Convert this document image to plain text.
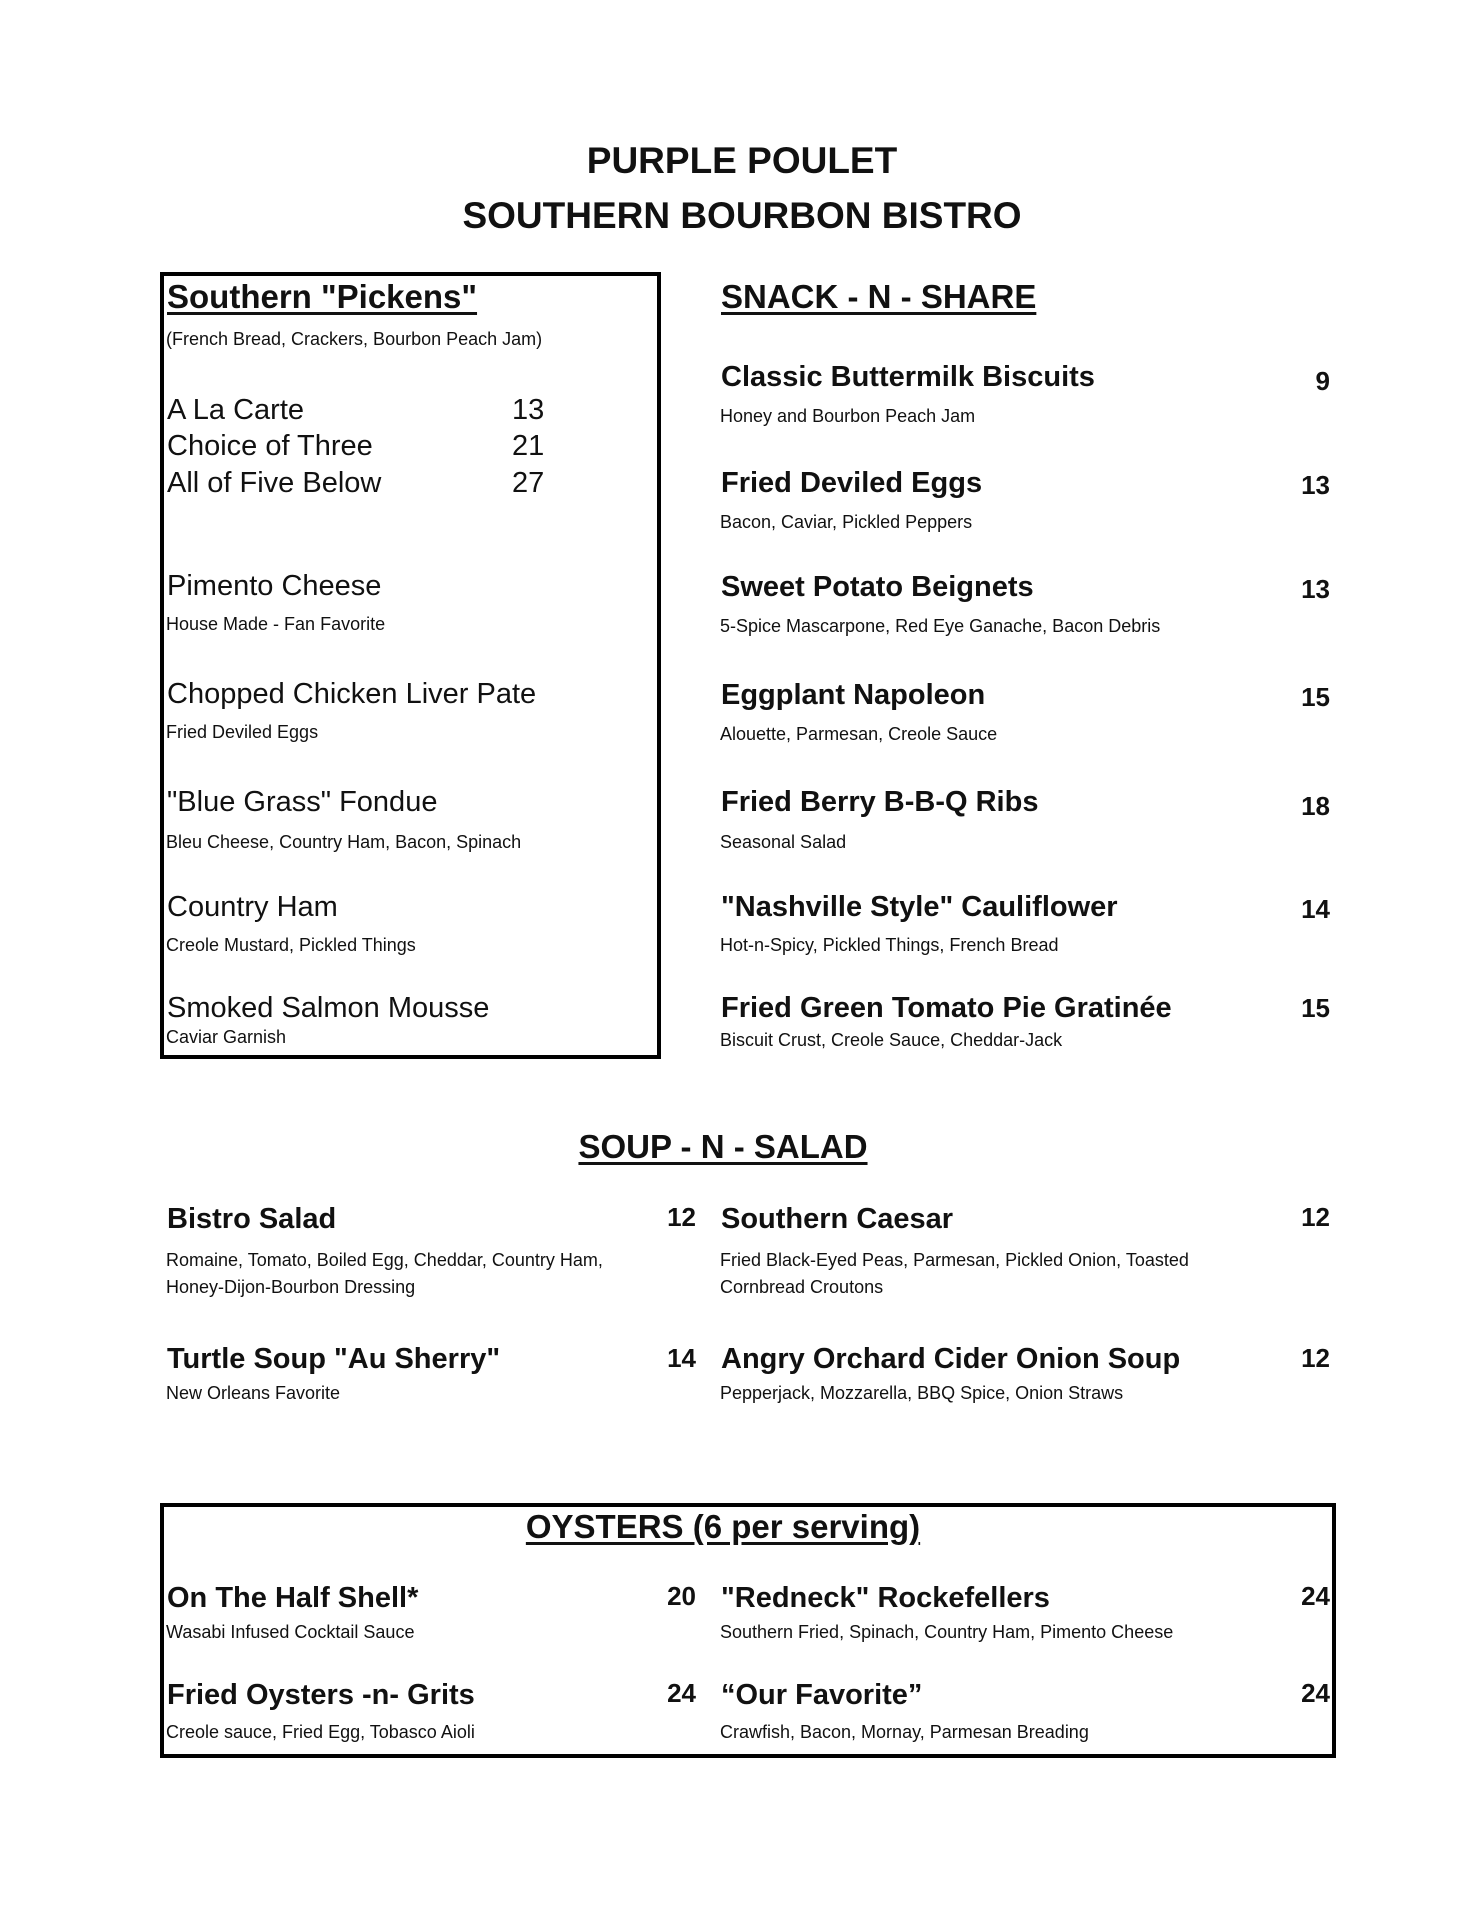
PURPLE POULET
SOUTHERN BOURBON BISTRO
Southern "Pickens"
(French Bread, Crackers, Bourbon Peach Jam)
A La Carte	13
Choice of Three	21
All of Five Below	27
Pimento Cheese
House Made - Fan Favorite
Chopped Chicken Liver Pate
Fried Deviled Eggs
"Blue Grass" Fondue
Bleu Cheese, Country Ham, Bacon, Spinach
Country Ham
Creole Mustard, Pickled Things
Smoked Salmon Mousse
Caviar Garnish
SNACK - N - SHARE
Classic Buttermilk Biscuits
Honey and Bourbon Peach Jam
9
Fried Deviled Eggs
Bacon, Caviar, Pickled Peppers
13
Sweet Potato Beignets
5-Spice Mascarpone, Red Eye Ganache, Bacon Debris
13
Eggplant Napoleon
Alouette, Parmesan, Creole Sauce
15
Fried Berry B-B-Q Ribs
Seasonal Salad
18
"Nashville Style" Cauliflower
Hot-n-Spicy, Pickled Things, French Bread
14
Fried Green Tomato Pie Gratinée
Biscuit Crust, Creole Sauce, Cheddar-Jack
15
SOUP - N - SALAD
Bistro Salad	12
Romaine, Tomato, Boiled Egg, Cheddar, Country Ham,
Honey-Dijon-Bourbon Dressing
Southern Caesar	12
Fried Black-Eyed Peas, Parmesan, Pickled Onion, Toasted
Cornbread Croutons
Turtle Soup "Au Sherry"	14
New Orleans Favorite
Angry Orchard Cider Onion Soup	12
Pepperjack, Mozzarella, BBQ Spice, Onion Straws
OYSTERS (6 per serving)
On The Half Shell*	20
Wasabi Infused Cocktail Sauce
"Redneck" Rockefellers	24
Southern Fried, Spinach, Country Ham, Pimento Cheese
Fried Oysters -n- Grits	24
Creole sauce, Fried Egg, Tobasco Aioli
“Our Favorite”	24
Crawfish, Bacon, Mornay, Parmesan Breading
